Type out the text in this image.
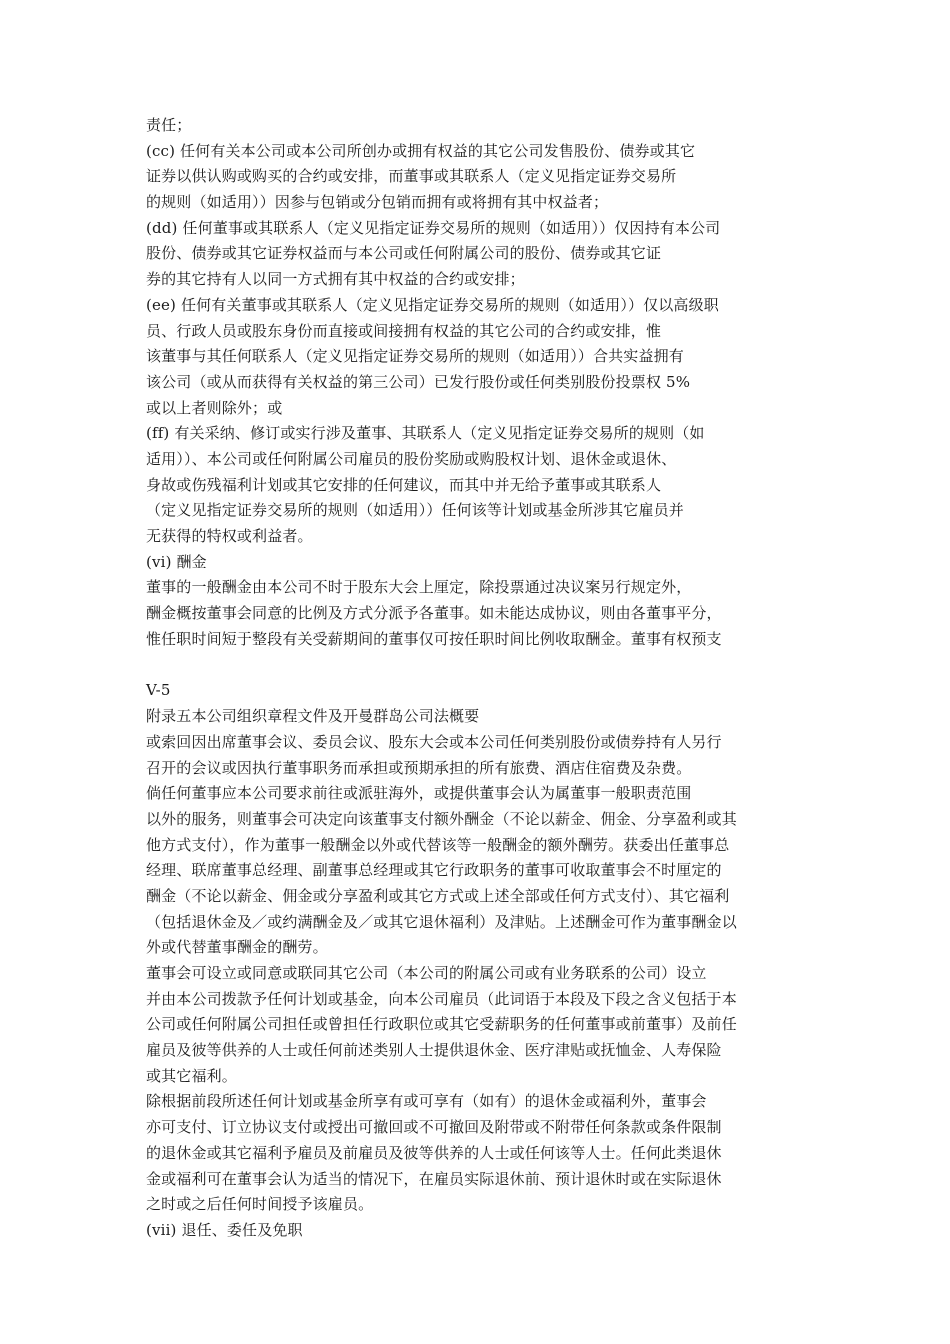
责任；
(cc) 任何有关本公司或本公司所创办或拥有权益的其它公司发售股份、债券或其它
证券以供认购或购买的合约或安排，而董事或其联系人（定义见指定证券交易所
的规则（如适用））因参与包销或分包销而拥有或将拥有其中权益者；
(dd) 任何董事或其联系人（定义见指定证券交易所的规则（如适用））仅因持有本公司
股份、债券或其它证券权益而与本公司或任何附属公司的股份、债券或其它证
券的其它持有人以同一方式拥有其中权益的合约或安排；
(ee) 任何有关董事或其联系人（定义见指定证券交易所的规则（如适用））仅以高级职
员、行政人员或股东身份而直接或间接拥有权益的其它公司的合约或安排，惟
该董事与其任何联系人（定义见指定证券交易所的规则（如适用））合共实益拥有
该公司（或从而获得有关权益的第三公司）已发行股份或任何类别股份投票权 5%
或以上者则除外；或
(ff) 有关采纳、修订或实行涉及董事、其联系人（定义见指定证券交易所的规则（如
适用））、本公司或任何附属公司雇员的股份奖励或购股权计划、退休金或退休、
身故或伤残福利计划或其它安排的任何建议，而其中并无给予董事或其联系人
（定义见指定证券交易所的规则（如适用））任何该等计划或基金所涉其它雇员并
无获得的特权或利益者。
(vi) 酬金
董事的一般酬金由本公司不时于股东大会上厘定，除投票通过决议案另行规定外，
酬金概按董事会同意的比例及方式分派予各董事。如未能达成协议，则由各董事平分，
惟任职时间短于整段有关受薪期间的董事仅可按任职时间比例收取酬金。董事有权预支
V-5
附录五本公司组织章程文件及开曼群岛公司法概要
或索回因出席董事会议、委员会议、股东大会或本公司任何类别股份或债券持有人另行
召开的会议或因执行董事职务而承担或预期承担的所有旅费、酒店住宿费及杂费。
倘任何董事应本公司要求前往或派驻海外，或提供董事会认为属董事一般职责范围
以外的服务，则董事会可决定向该董事支付额外酬金（不论以薪金、佣金、分享盈利或其
他方式支付），作为董事一般酬金以外或代替该等一般酬金的额外酬劳。获委出任董事总
经理、联席董事总经理、副董事总经理或其它行政职务的董事可收取董事会不时厘定的
酬金（不论以薪金、佣金或分享盈利或其它方式或上述全部或任何方式支付）、其它福利
（包括退休金及／或约满酬金及／或其它退休福利）及津贴。上述酬金可作为董事酬金以
外或代替董事酬金的酬劳。
董事会可设立或同意或联同其它公司（本公司的附属公司或有业务联系的公司）设立
并由本公司拨款予任何计划或基金，向本公司雇员（此词语于本段及下段之含义包括于本
公司或任何附属公司担任或曾担任行政职位或其它受薪职务的任何董事或前董事）及前任
雇员及彼等供养的人士或任何前述类别人士提供退休金、医疗津贴或抚恤金、人寿保险
或其它福利。
除根据前段所述任何计划或基金所享有或可享有（如有）的退休金或福利外，董事会
亦可支付、订立协议支付或授出可撤回或不可撤回及附带或不附带任何条款或条件限制
的退休金或其它福利予雇员及前雇员及彼等供养的人士或任何该等人士。任何此类退休
金或福利可在董事会认为适当的情况下，在雇员实际退休前、预计退休时或在实际退休
之时或之后任何时间授予该雇员。
(vii) 退任、委任及免职
